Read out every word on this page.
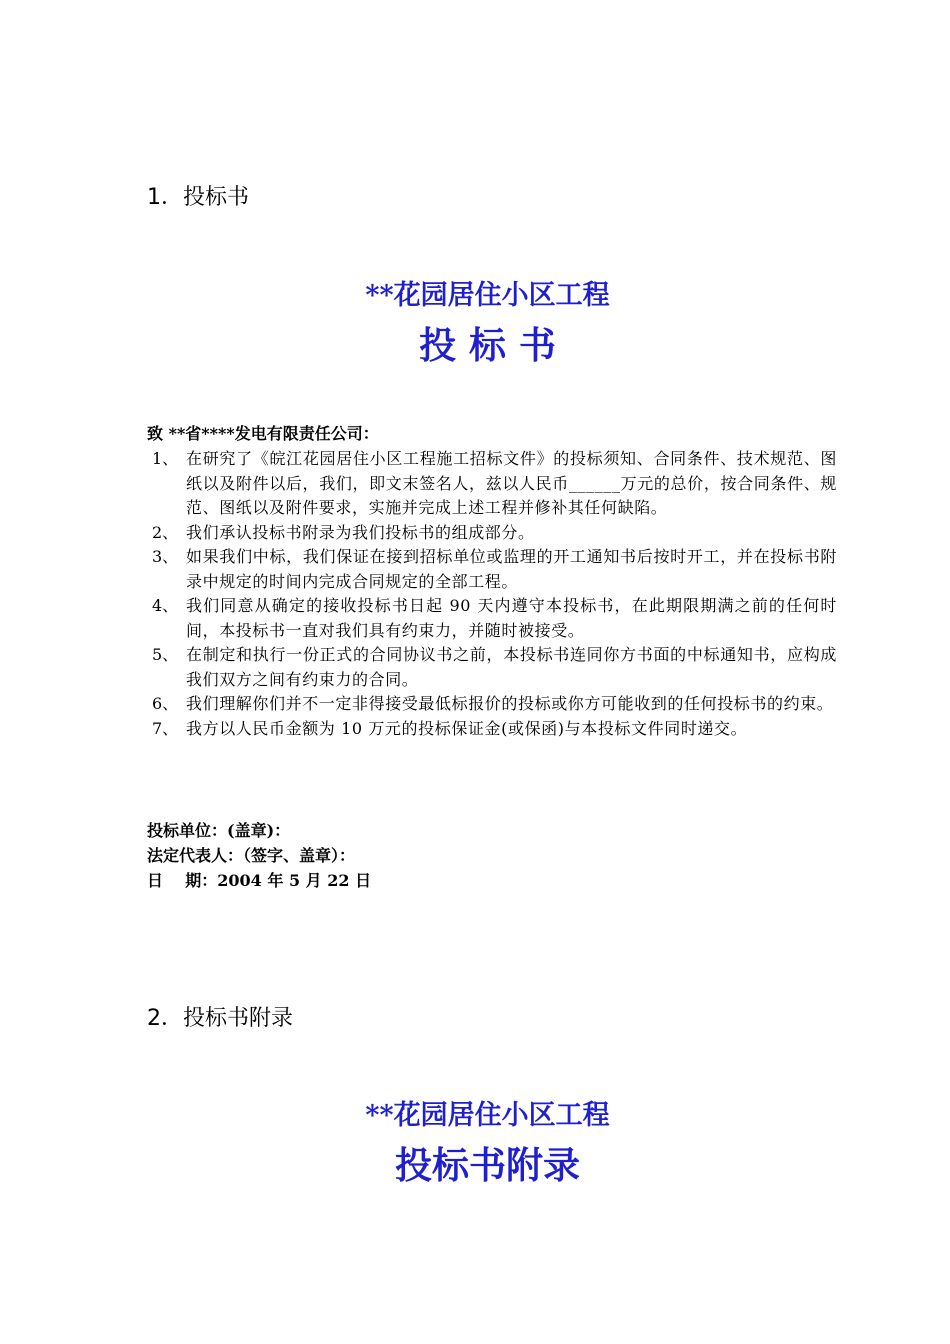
1．投标书
**花园居住小区工程
投 标 书
致 **省****发电有限责任公司：
1、 在研究了《皖江花园居住小区工程施工招标文件》的投标须知、合同条件、技术规范、图纸以及附件以后，我们，即文末签名人，兹以人民币______万元的总价，按合同条件、规范、图纸以及附件要求，实施并完成上述工程并修补其任何缺陷。
2、 我们承认投标书附录为我们投标书的组成部分。
3、 如果我们中标，我们保证在接到招标单位或监理的开工通知书后按时开工，并在投标书附录中规定的时间内完成合同规定的全部工程。
4、 我们同意从确定的接收投标书日起 90 天内遵守本投标书，在此期限期满之前的任何时间，本投标书一直对我们具有约束力，并随时被接受。
5、 在制定和执行一份正式的合同协议书之前，本投标书连同你方书面的中标通知书，应构成我们双方之间有约束力的合同。
6、 我们理解你们并不一定非得接受最低标报价的投标或你方可能收到的任何投标书的约束。
7、 我方以人民币金额为 10 万元的投标保证金(或保函)与本投标文件同时递交。
投标单位：(盖章)：
法定代表人：（签字、盖章）：
日    期：2004 年 5 月 22 日
2．投标书附录
**花园居住小区工程
投标书附录
